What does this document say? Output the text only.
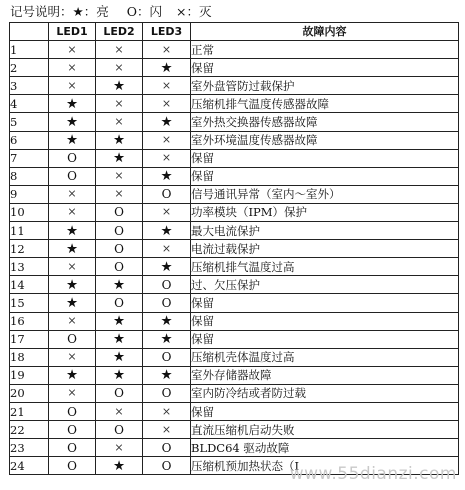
记号说明：★：亮 O：闪 ×：灭
	LED1	LED2	LED3	故障内容
1	×	×	×	正常
2	×	×	★	保留
3	×	★	×	室外盘管防过载保护
4	★	×	×	压缩机排气温度传感器故障
5	★	×	★	室外热交换器传感器故障
6	★	★	×	室外环境温度传感器故障
7	O	★	×	保留
8	O	×	★	保留
9	×	×	O	信号通讯异常（室内～室外）
10	×	O	×	功率模块（IPM）保护
11	★	O	★	最大电流保护
12	★	O	×	电流过载保护
13	×	O	★	压缩机排气温度过高
14	★	★	O	过、欠压保护
15	★	O	O	保留
16	×	★	★	保留
17	O	★	★	保留
18	×	★	O	压缩机壳体温度过高
19	★	★	★	室外存储器故障
20	×	O	O	室内防冷结或者防过载
21	O	×	×	保留
22	O	O	×	直流压缩机启动失败
23	O	×	O	BLDC64 驱动故障
24	O	★	O	压缩机预加热状态（I
www.55dianzi.com
